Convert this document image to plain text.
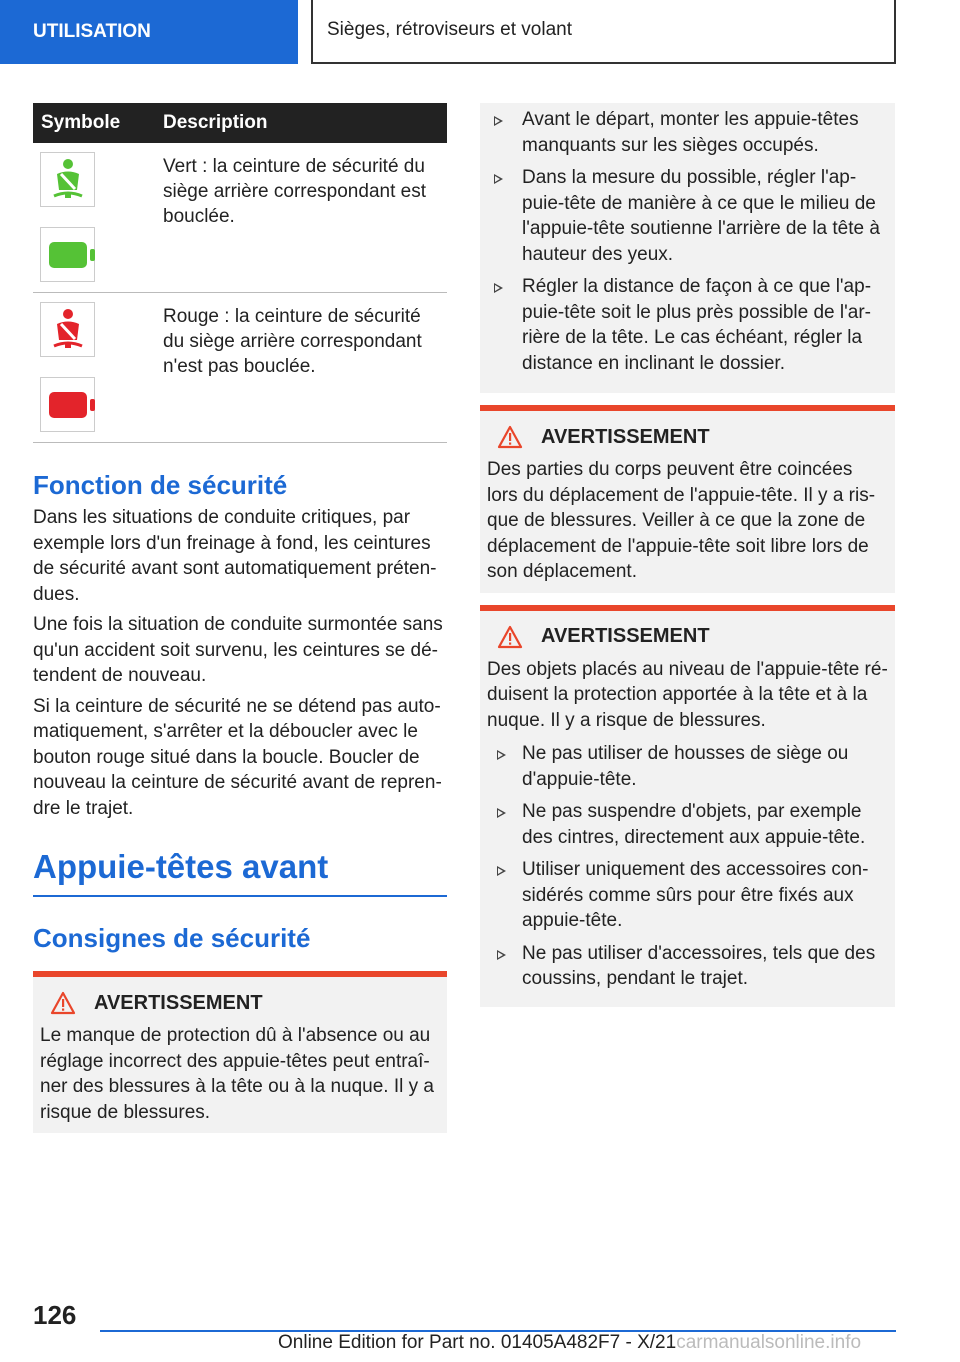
UTILISATION	Sièges, rétroviseurs et volant
Symbole	Description

	Vert : la ceinture de sécurité du siège arrière correspondant est bouclée.

	Rouge : la ceinture de sécurité du siège arrière correspondant n'est pas bouclée.
Fonction de sécurité

Dans les situations de conduite critiques, par exemple lors d'un freinage à fond, les ceintures de sécurité avant sont automatiquement prétendues.

Une fois la situation de conduite surmontée sans qu'un accident soit survenu, les ceintures se détendent de nouveau.

Si la ceinture de sécurité ne se détend pas automatiquement, s'arrêter et la déboucler avec le bouton rouge situé dans la boucle. Boucler de nouveau la ceinture de sécurité avant de reprendre le trajet.

Appuie-têtes avant
Consignes de sécurité
AVERTISSEMENT

Le manque de protection dû à l'absence ou au réglage incorrect des appuie-têtes peut entraîner des blessures à la tête ou à la nuque. Il y a risque de blessures.

Avant le départ, monter les appuie-têtes manquants sur les sièges occupés.
Dans la mesure du possible, régler l'appuie-tête de manière à ce que le milieu de l'appuie-tête soutienne l'arrière de la tête à hauteur des yeux.
Régler la distance de façon à ce que l'appuie-tête soit le plus près possible de l'arrière de la tête. Le cas échéant, régler la distance en inclinant le dossier.
AVERTISSEMENT

Des parties du corps peuvent être coincées lors du déplacement de l'appuie-tête. Il y a risque de blessures. Veiller à ce que la zone de déplacement de l'appuie-tête soit libre lors de son déplacement.

AVERTISSEMENT

Des objets placés au niveau de l'appuie-tête réduisent la protection apportée à la tête et à la nuque. Il y a risque de blessures.

Ne pas utiliser de housses de siège ou d'appuie-tête.
Ne pas suspendre d'objets, par exemple des cintres, directement aux appuie-tête.
Utiliser uniquement des accessoires considérés comme sûrs pour être fixés aux appuie-tête.
Ne pas utiliser d'accessoires, tels que des coussins, pendant le trajet.
126
Online Edition for Part no. 01405A482F7 - X/21carmanualsonline.info
